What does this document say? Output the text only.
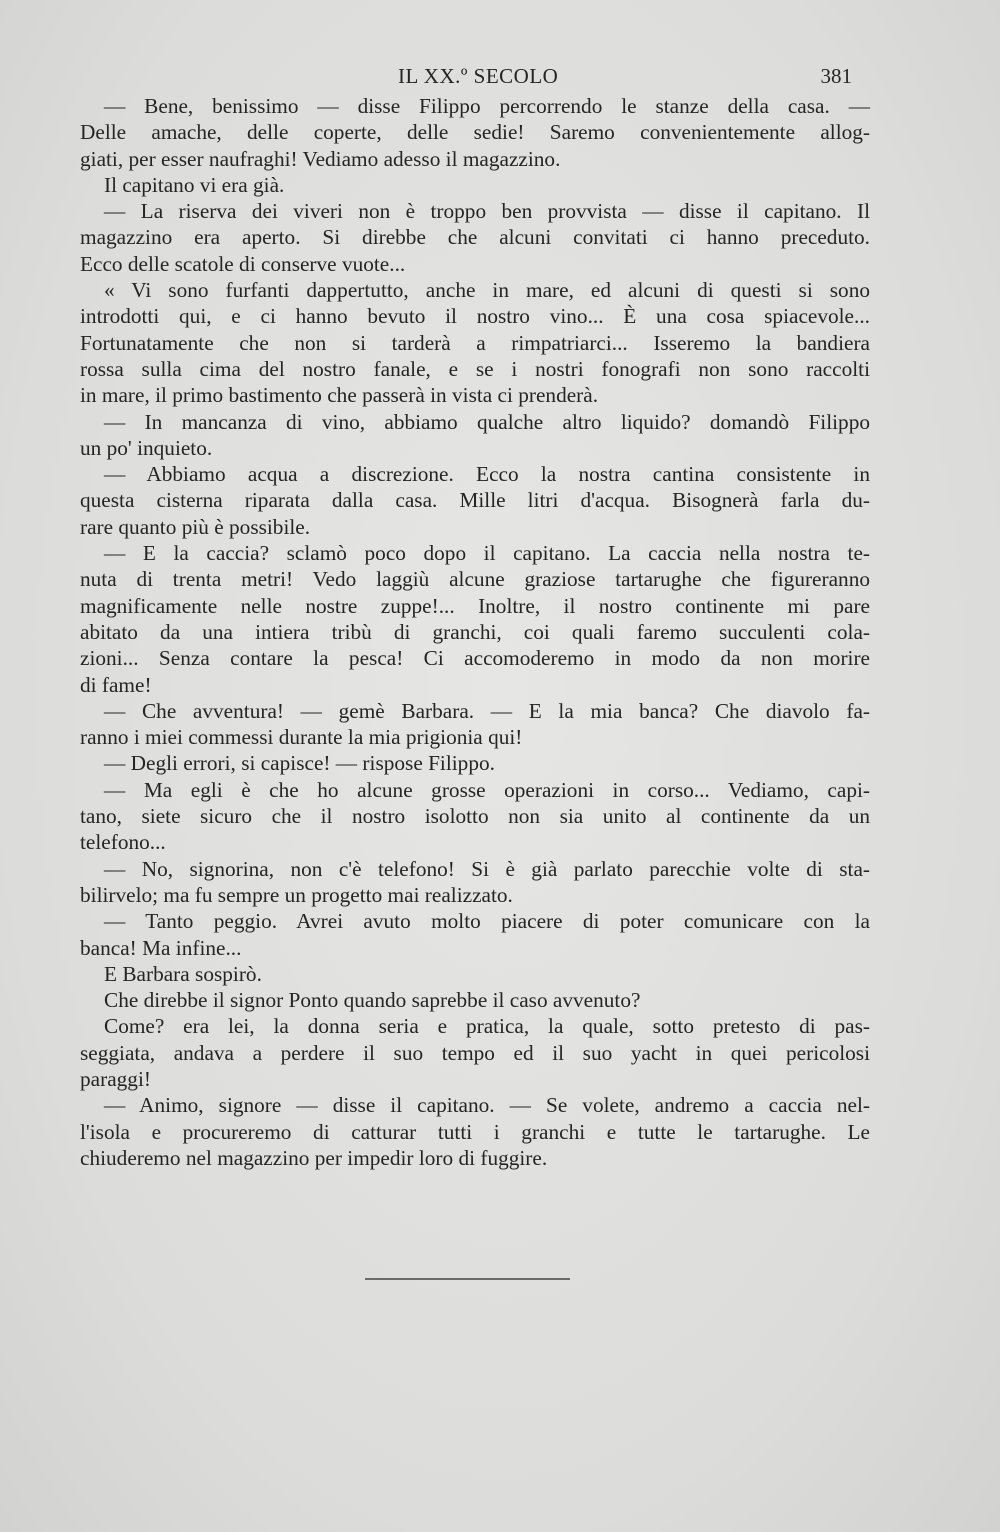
IL XX.º SECOLO	381
— Bene, benissimo — disse Filippo percorrendo le stanze della casa. —
Delle amache, delle coperte, delle sedie! Saremo convenientemente allog-
giati, per esser naufraghi! Vediamo adesso il magazzino.
Il capitano vi era già.
— La riserva dei viveri non è troppo ben provvista — disse il capitano. Il
magazzino era aperto. Si direbbe che alcuni convitati ci hanno preceduto.
Ecco delle scatole di conserve vuote...
« Vi sono furfanti dappertutto, anche in mare, ed alcuni di questi si sono
introdotti qui, e ci hanno bevuto il nostro vino... È una cosa spiacevole...
Fortunatamente che non si tarderà a rimpatriarci... Isseremo la bandiera
rossa sulla cima del nostro fanale, e se i nostri fonografi non sono raccolti
in mare, il primo bastimento che passerà in vista ci prenderà.
— In mancanza di vino, abbiamo qualche altro liquido? domandò Filippo
un po' inquieto.
— Abbiamo acqua a discrezione. Ecco la nostra cantina consistente in
questa cisterna riparata dalla casa. Mille litri d'acqua. Bisognerà farla du-
rare quanto più è possibile.
— E la caccia? sclamò poco dopo il capitano. La caccia nella nostra te-
nuta di trenta metri! Vedo laggiù alcune graziose tartarughe che figureranno
magnificamente nelle nostre zuppe!... Inoltre, il nostro continente mi pare
abitato da una intiera tribù di granchi, coi quali faremo succulenti cola-
zioni... Senza contare la pesca! Ci accomoderemo in modo da non morire
di fame!
— Che avventura! — gemè Barbara. — E la mia banca? Che diavolo fa-
ranno i miei commessi durante la mia prigionia qui!
— Degli errori, si capisce! — rispose Filippo.
— Ma egli è che ho alcune grosse operazioni in corso... Vediamo, capi-
tano, siete sicuro che il nostro isolotto non sia unito al continente da un
telefono...
— No, signorina, non c'è telefono! Si è già parlato parecchie volte di sta-
bilirvelo; ma fu sempre un progetto mai realizzato.
— Tanto peggio. Avrei avuto molto piacere di poter comunicare con la
banca! Ma infine...
E Barbara sospirò.
Che direbbe il signor Ponto quando saprebbe il caso avvenuto?
Come? era lei, la donna seria e pratica, la quale, sotto pretesto di pas-
seggiata, andava a perdere il suo tempo ed il suo yacht in quei pericolosi
paraggi!
— Animo, signore — disse il capitano. — Se volete, andremo a caccia nel-
l'isola e procureremo di catturar tutti i granchi e tutte le tartarughe. Le
chiuderemo nel magazzino per impedir loro di fuggire.
